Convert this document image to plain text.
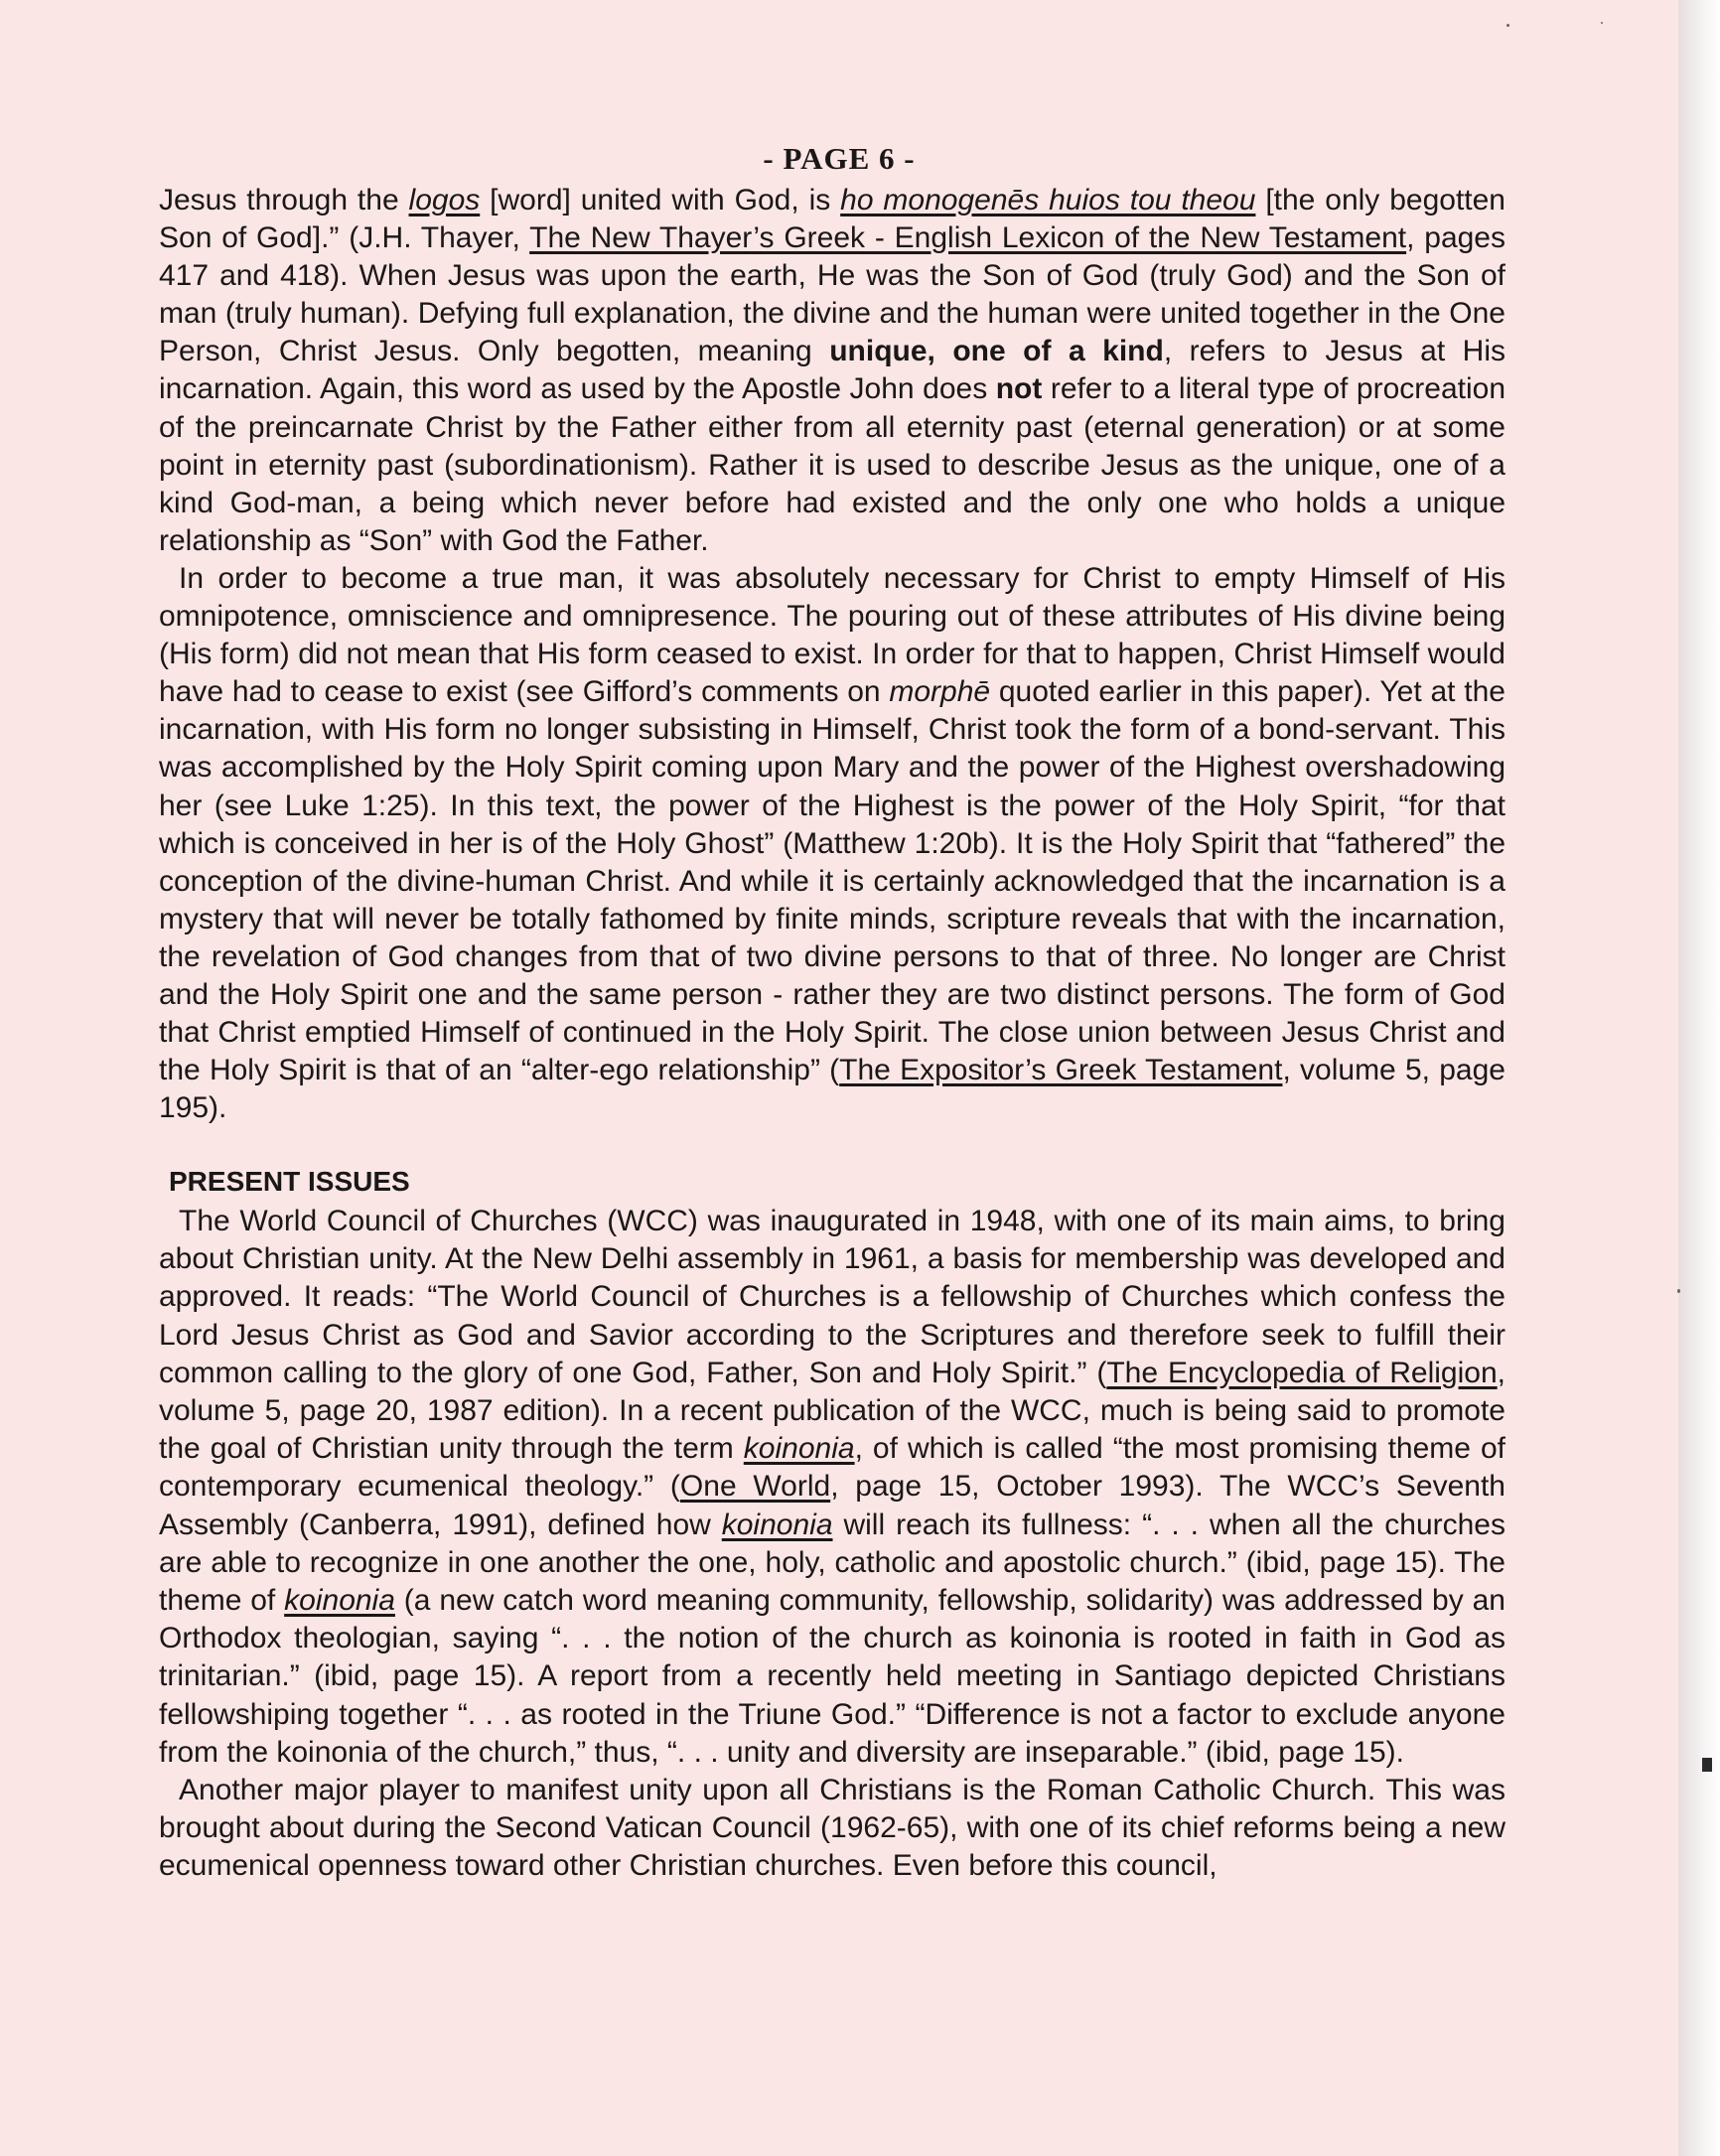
- PAGE 6 -

Jesus through the logos [word] united with God, is ho monogenēs huios tou theou [the only begotten Son of God].” (J.H. Thayer, The New Thayer’s Greek - English Lexicon of the New Testament, pages 417 and 418). When Jesus was upon the earth, He was the Son of God (truly God) and the Son of man (truly human). Defying full explanation, the divine and the human were united together in the One Person, Christ Jesus. Only begotten, meaning unique, one of a kind, refers to Jesus at His incarnation. Again, this word as used by the Apostle John does not refer to a literal type of procreation of the preincarnate Christ by the Father either from all eternity past (eternal generation) or at some point in eternity past (subordinationism). Rather it is used to describe Jesus as the unique, one of a kind God-man, a being which never before had existed and the only one who holds a unique relationship as “Son” with God the Father.

In order to become a true man, it was absolutely necessary for Christ to empty Himself of His omnipotence, omniscience and omnipresence. The pouring out of these attributes of His divine being (His form) did not mean that His form ceased to exist. In order for that to happen, Christ Himself would have had to cease to exist (see Gifford’s comments on morphē quoted earlier in this paper). Yet at the incarnation, with His form no longer subsisting in Himself, Christ took the form of a bond-servant. This was accomplished by the Holy Spirit coming upon Mary and the power of the Highest overshadowing her (see Luke 1:25). In this text, the power of the Highest is the power of the Holy Spirit, “for that which is conceived in her is of the Holy Ghost” (Matthew 1:20b). It is the Holy Spirit that “fathered” the conception of the divine-human Christ. And while it is certainly acknowledged that the incarnation is a mystery that will never be totally fathomed by finite minds, scripture reveals that with the incarnation, the revelation of God changes from that of two divine persons to that of three. No longer are Christ and the Holy Spirit one and the same person - rather they are two distinct persons. The form of God that Christ emptied Himself of continued in the Holy Spirit. The close union between Jesus Christ and the Holy Spirit is that of an “alter-ego relationship” (The Expositor’s Greek Testament, volume 5, page 195).

PRESENT ISSUES

The World Council of Churches (WCC) was inaugurated in 1948, with one of its main aims, to bring about Christian unity. At the New Delhi assembly in 1961, a basis for membership was developed and approved. It reads: “The World Council of Churches is a fellowship of Churches which confess the Lord Jesus Christ as God and Savior according to the Scriptures and therefore seek to fulfill their common calling to the glory of one God, Father, Son and Holy Spirit.” (The Encyclopedia of Religion, volume 5, page 20, 1987 edition). In a recent publication of the WCC, much is being said to promote the goal of Christian unity through the term koinonia, of which is called “the most promising theme of contemporary ecumenical theology.” (One World, page 15, October 1993). The WCC’s Seventh Assembly (Canberra, 1991), defined how koinonia will reach its fullness: “. . . when all the churches are able to recognize in one another the one, holy, catholic and apostolic church.” (ibid, page 15). The theme of koinonia (a new catch word meaning community, fellowship, solidarity) was addressed by an Orthodox theologian, saying “. . . the notion of the church as koinonia is rooted in faith in God as trinitarian.” (ibid, page 15). A report from a recently held meeting in Santiago depicted Christians fellowshiping together “. . . as rooted in the Triune God.” “Difference is not a factor to exclude anyone from the koinonia of the church,” thus, “. . . unity and diversity are inseparable.” (ibid, page 15).

Another major player to manifest unity upon all Christians is the Roman Catholic Church. This was brought about during the Second Vatican Council (1962-65), with one of its chief reforms being a new ecumenical openness toward other Christian churches. Even before this council,
